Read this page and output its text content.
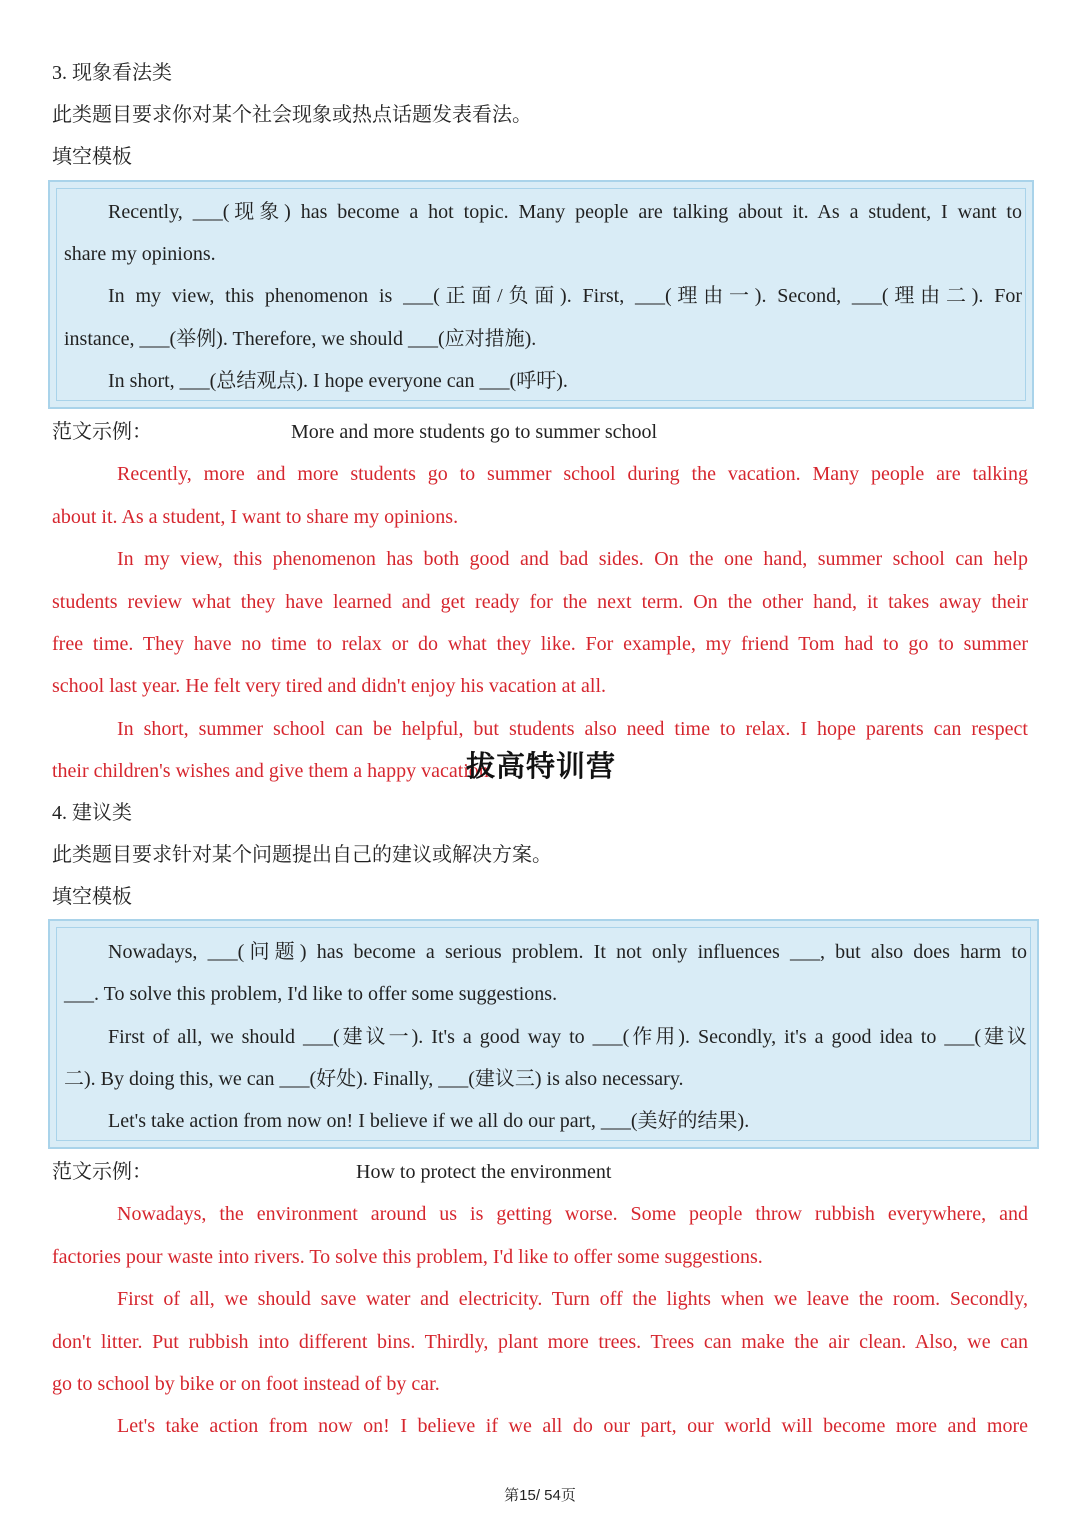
3. 现象看法类
此类题目要求你对某个社会现象或热点话题发表看法。
填空模板
Recently, ___(现象) has become a hot topic. Many people are talking about it. As a student, I want to
share my opinions.
In my view, this phenomenon is ___(正面/负面). First, ___(理由一). Second, ___(理由二). For
instance, ___(举例). Therefore, we should ___(应对措施).
In short, ___(总结观点). I hope everyone can ___(呼吁).
范文示例：	More and more students go to summer school
Recently, more and more students go to summer school during the vacation. Many people are talking
about it. As a student, I want to share my opinions.
In my view, this phenomenon has both good and bad sides. On the one hand, summer school can help
students review what they have learned and get ready for the next term. On the other hand, it takes away their
free time. They have no time to relax or do what they like. For example, my friend Tom had to go to summer
school last year. He felt very tired and didn't enjoy his vacation at all.
In short, summer school can be helpful, but students also need time to relax. I hope parents can respect
their children's wishes and give them a happy vacation.
拔高特训营
4. 建议类
此类题目要求针对某个问题提出自己的建议或解决方案。
填空模板
Nowadays, ___(问题) has become a serious problem. It not only influences ___, but also does harm to
___. To solve this problem, I'd like to offer some suggestions.
First of all, we should ___(建议一). It's a good way to ___(作用). Secondly, it's a good idea to ___(建议
二). By doing this, we can ___(好处). Finally, ___(建议三) is also necessary.
Let's take action from now on! I believe if we all do our part, ___(美好的结果).
范文示例：	How to protect the environment
Nowadays, the environment around us is getting worse. Some people throw rubbish everywhere, and
factories pour waste into rivers. To solve this problem, I'd like to offer some suggestions.
First of all, we should save water and electricity. Turn off the lights when we leave the room. Secondly,
don't litter. Put rubbish into different bins. Thirdly, plant more trees. Trees can make the air clean. Also, we can
go to school by bike or on foot instead of by car.
Let's take action from now on! I believe if we all do our part, our world will become more and more
第15/ 54页
